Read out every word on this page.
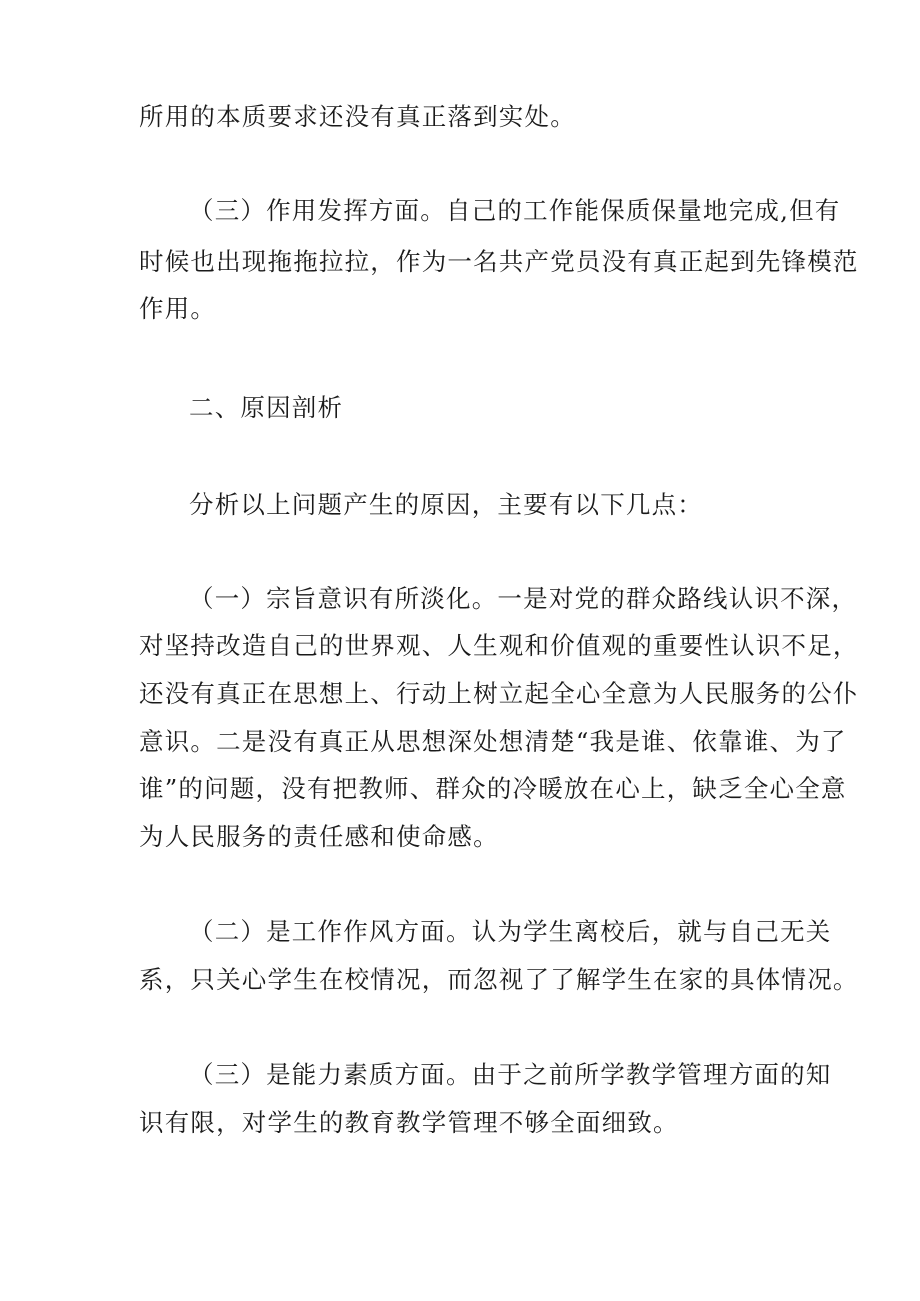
所用的本质要求还没有真正落到实处。
（三）作用发挥方面。自己的工作能保质保量地完成,但有
时候也出现拖拖拉拉，作为一名共产党员没有真正起到先锋模范
作用。
二、原因剖析
分析以上问题产生的原因，主要有以下几点：
（一）宗旨意识有所淡化。一是对党的群众路线认识不深，
对坚持改造自己的世界观、人生观和价值观的重要性认识不足，
还没有真正在思想上、行动上树立起全心全意为人民服务的公仆
意识。二是没有真正从思想深处想清楚“我是谁、依靠谁、为了
谁”的问题，没有把教师、群众的冷暖放在心上，缺乏全心全意
为人民服务的责任感和使命感。
（二）是工作作风方面。认为学生离校后，就与自己无关
系，只关心学生在校情况，而忽视了了解学生在家的具体情况。
（三）是能力素质方面。由于之前所学教学管理方面的知
识有限，对学生的教育教学管理不够全面细致。
